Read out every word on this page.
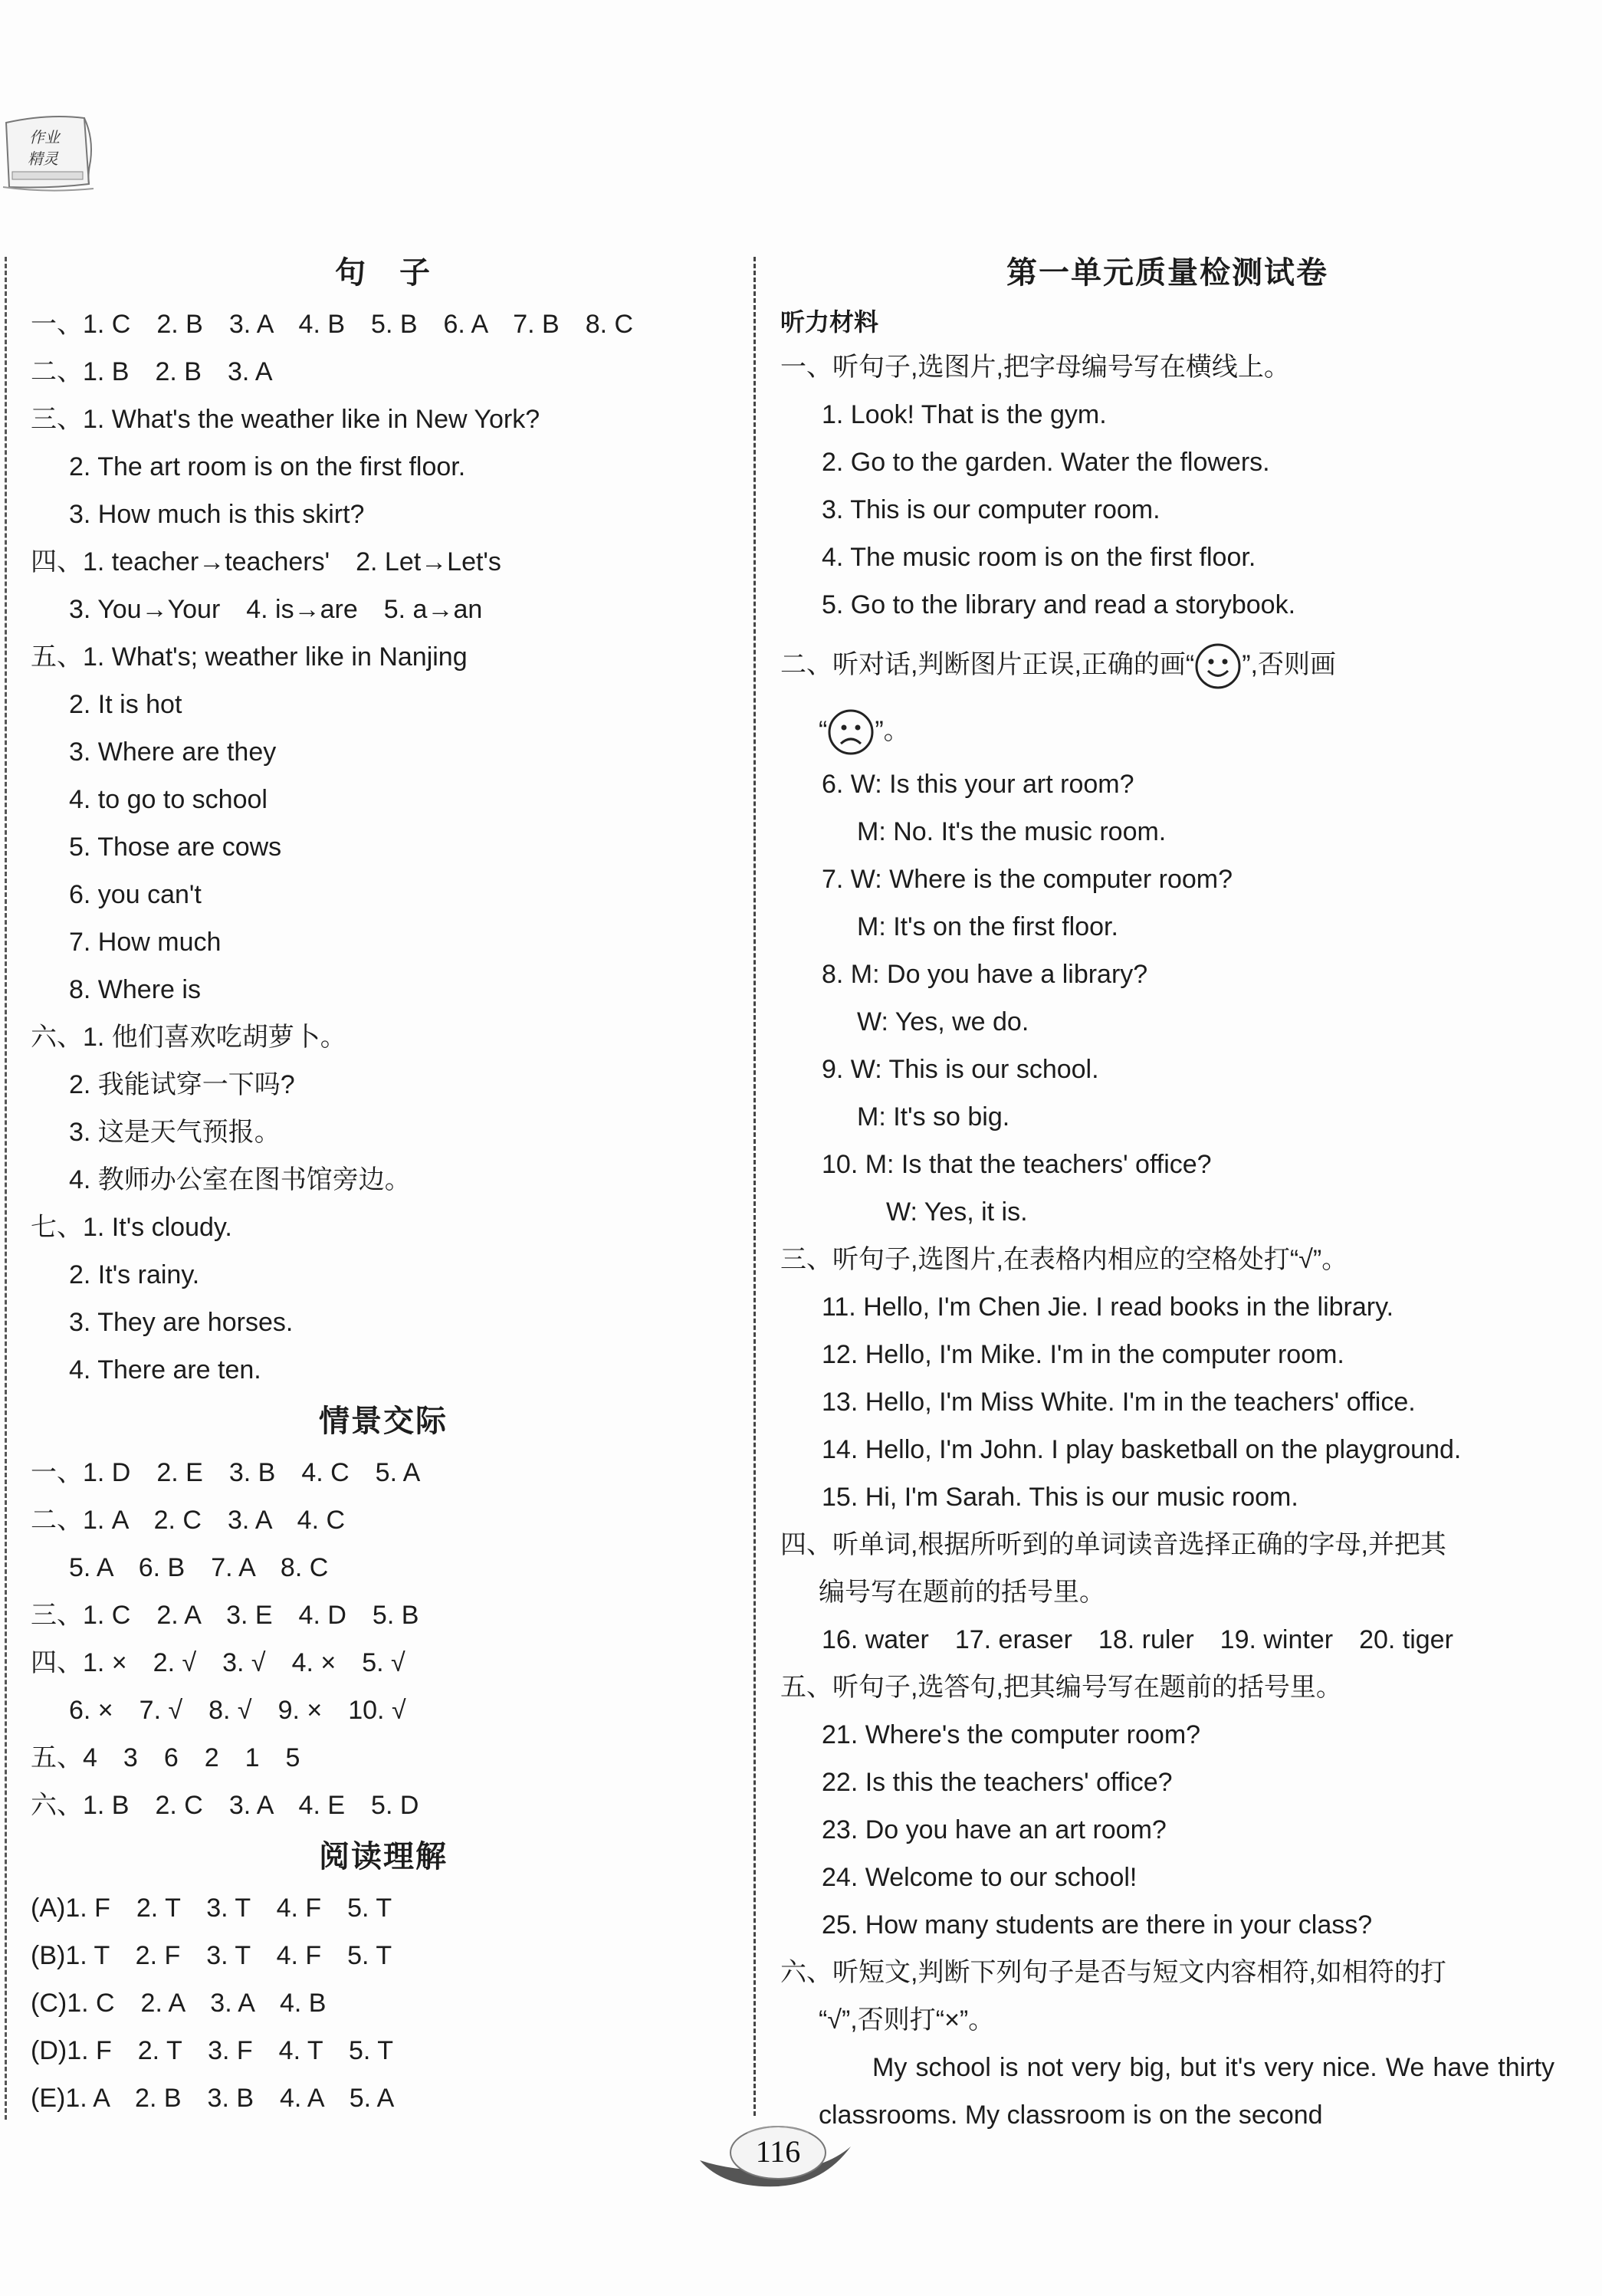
作业
精灵
句　子
一、1. C　2. B　3. A　4. B　5. B　6. A　7. B　8. C
二、1. B　2. B　3. A
三、1. What's the weather like in New York?
2. The art room is on the first floor.
3. How much is this skirt?
四、1. teacher→teachers'　2. Let→Let's
3. You→Your　4. is→are　5. a→an
五、1. What's; weather like in Nanjing
2. It is hot
3. Where are they
4. to go to school
5. Those are cows
6. you can't
7. How much
8. Where is
六、1. 他们喜欢吃胡萝卜。
2. 我能试穿一下吗?
3. 这是天气预报。
4. 教师办公室在图书馆旁边。
七、1. It's cloudy.
2. It's rainy.
3. They are horses.
4. There are ten.
情景交际
一、1. D　2. E　3. B　4. C　5. A
二、1. A　2. C　3. A　4. C
5. A　6. B　7. A　8. C
三、1. C　2. A　3. E　4. D　5. B
四、1. ×　2. √　3. √　4. ×　5. √
6. ×　7. √　8. √　9. ×　10. √
五、4　3　6　2　1　5
六、1. B　2. C　3. A　4. E　5. D
阅读理解
(A)1. F　2. T　3. T　4. F　5. T
(B)1. T　2. F　3. T　4. F　5. T
(C)1. C　2. A　3. A　4. B
(D)1. F　2. T　3. F　4. T　5. T
(E)1. A　2. B　3. B　4. A　5. A
第一单元质量检测试卷
听力材料
一、听句子,选图片,把字母编号写在横线上。
1. Look! That is the gym.
2. Go to the garden. Water the flowers.
3. This is our computer room.
4. The music room is on the first floor.
5. Go to the library and read a storybook.
二、听对话,判断图片正误,正确的画“ ”,否则画
“ ”。
6. W: Is this your art room?
M: No. It's the music room.
7. W: Where is the computer room?
M: It's on the first floor.
8. M: Do you have a library?
W: Yes, we do.
9. W: This is our school.
M: It's so big.
10. M: Is that the teachers' office?
W: Yes, it is.
三、听句子,选图片,在表格内相应的空格处打“√”。
11. Hello, I'm Chen Jie. I read books in the library.
12. Hello, I'm Mike. I'm in the computer room.
13. Hello, I'm Miss White. I'm in the teachers' office.
14. Hello, I'm John. I play basketball on the playground.
15. Hi, I'm Sarah. This is our music room.
四、听单词,根据所听到的单词读音选择正确的字母,并把其
编号写在题前的括号里。
16. water　17. eraser　18. ruler　19. winter　20. tiger
五、听句子,选答句,把其编号写在题前的括号里。
21. Where's the computer room?
22. Is this the teachers' office?
23. Do you have an art room?
24. Welcome to our school!
25. How many students are there in your class?
六、听短文,判断下列句子是否与短文内容相符,如相符的打
“√”,否则打“×”。
My school is not very big, but it's very nice. We have thirty classrooms. My classroom is on the second
116
